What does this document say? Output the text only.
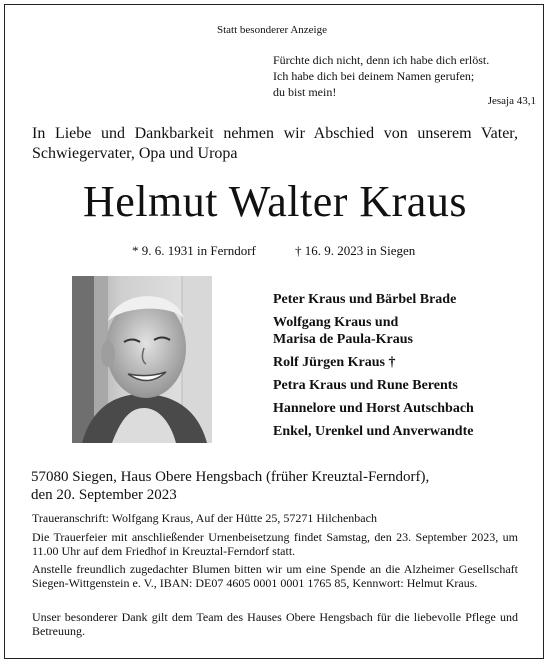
Statt besonderer Anzeige
Fürchte dich nicht, denn ich habe dich erlöst.
Ich habe dich bei deinem Namen gerufen;
du bist mein!
Jesaja 43,1
In Liebe und Dankbarkeit nehmen wir Abschied von unserem Vater, Schwiegervater, Opa und Uropa
Helmut Walter Kraus
* 9. 6. 1931 in Ferndorf	† 16. 9. 2023 in Siegen
Peter Kraus und Bärbel Brade
Wolfgang Kraus und
Marisa de Paula-Kraus
Rolf Jürgen Kraus †
Petra Kraus und Rune Berents
Hannelore und Horst Autschbach
Enkel, Urenkel und Anverwandte
57080 Siegen, Haus Obere Hengsbach (früher Kreuztal-Ferndorf),
den 20. September 2023
Traueranschrift: Wolfgang Kraus, Auf der Hütte 25, 57271 Hilchenbach
Die Trauerfeier mit anschließender Urnenbeisetzung findet Samstag, den 23. September 2023, um 11.00 Uhr auf dem Friedhof in Kreuztal-Ferndorf statt.
Anstelle freundlich zugedachter Blumen bitten wir um eine Spende an die Alzheimer Gesellschaft Siegen-Wittgenstein e. V., IBAN: DE07 4605 0001 0001 1765 85, Kennwort: Helmut Kraus.
Unser besonderer Dank gilt dem Team des Hauses Obere Hengsbach für die liebevolle Pflege und Betreuung.
